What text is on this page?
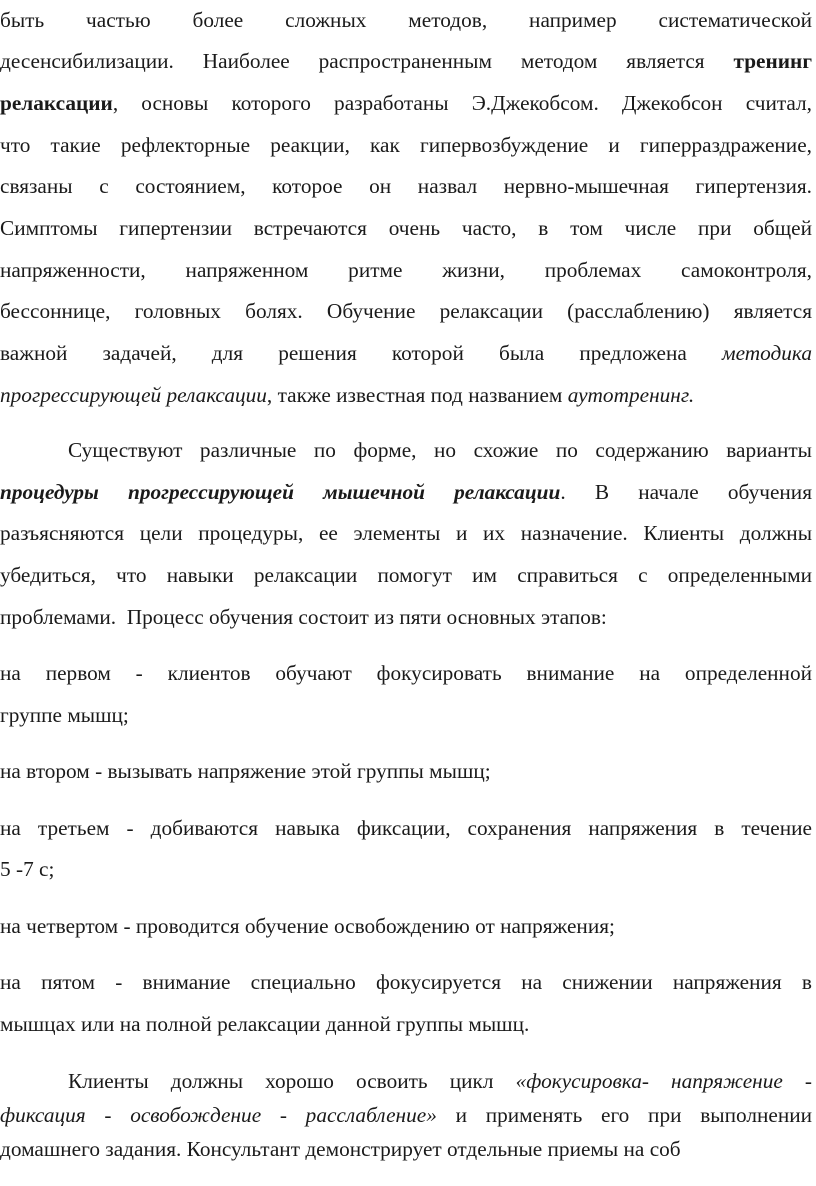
быть частью более сложных методов, например систематической
десенсибилизации. Наиболее распространенным методом является тренинг
релаксации, основы которого разработаны Э.Джекобсом. Джекобсон считал,
что такие рефлекторные реакции, как гипервозбуждение и гиперраздражение,
связаны с состоянием, которое он назвал нервно-мышечная гипертензия.
Симптомы гипертензии встречаются очень часто, в том числе при общей
напряженности, напряженном ритме жизни, проблемах самоконтроля,
бессоннице, головных болях. Обучение релаксации (расслаблению) является
важной задачей, для решения которой была предложена методика
прогрессирующей релаксации, также известная под названием аутотренинг.
Существуют различные по форме, но схожие по содержанию варианты
процедуры прогрессирующей мышечной релаксации. В начале обучения
разъясняются цели процедуры, ее элементы и их назначение. Клиенты должны
убедиться, что навыки релаксации помогут им справиться с определенными
проблемами.  Процесс обучения состоит из пяти основных этапов:
на первом - клиентов обучают фокусировать внимание на определенной
группе мышц;
на втором - вызывать напряжение этой группы мышц;
на третьем - добиваются навыка фиксации, сохранения напряжения в течение
5 -7 с;
на четвертом - проводится обучение освобождению от напряжения;
на пятом - внимание специально фокусируется на снижении напряжения в
мышцах или на полной релаксации данной группы мышц.
Клиенты должны хорошо освоить цикл «фокусировка- напряжение -
фиксация - освобождение - расслабление» и применять его при выполнении
домашнего задания. Консультант демонстрирует отдельные приемы на соб
